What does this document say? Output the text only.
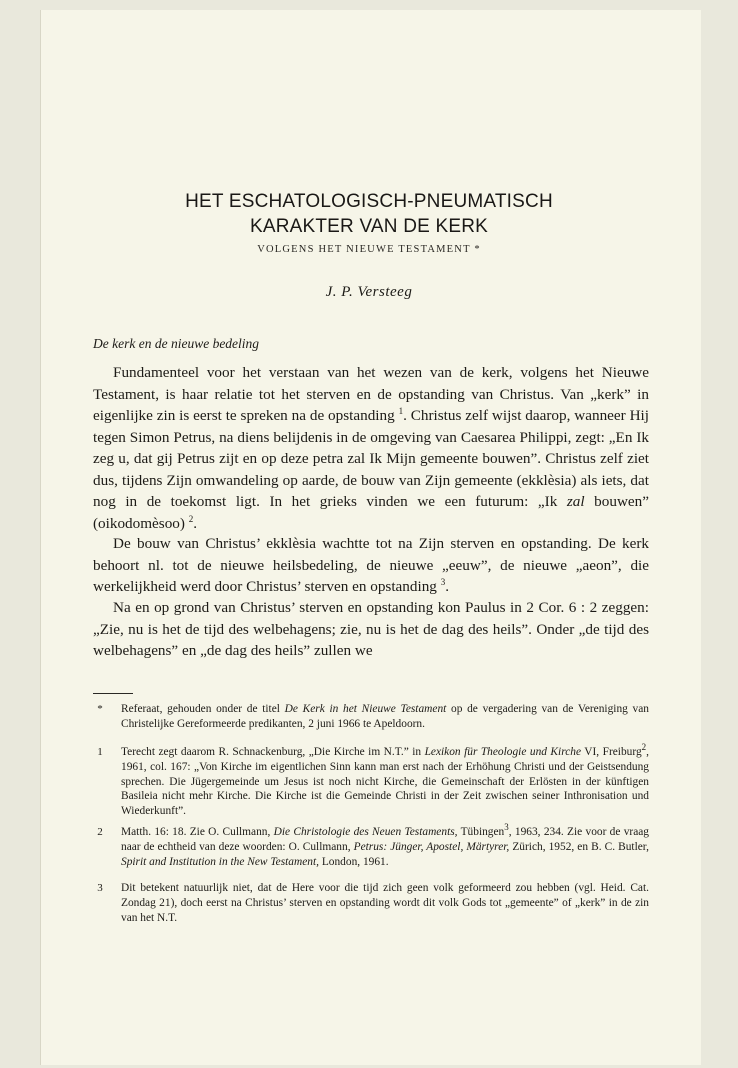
HET ESCHATOLOGISCH-PNEUMATISCH
KARAKTER VAN DE KERK
VOLGENS HET NIEUWE TESTAMENT *
J. P. Versteeg
De kerk en de nieuwe bedeling

Fundamenteel voor het verstaan van het wezen van de kerk, volgens het Nieuwe Testament, is haar relatie tot het sterven en de opstanding van Christus. Van „kerk” in eigenlijke zin is eerst te spreken na de opstanding $^1$. Christus zelf wijst daarop, wanneer Hij tegen Simon Petrus, na diens belijdenis in de omgeving van Caesarea Philippi, zegt: „En Ik zeg u, dat gij Petrus zijt en op deze petra zal Ik Mijn gemeente bouwen”. Christus zelf ziet dus, tijdens Zijn omwandeling op aarde, de bouw van Zijn gemeente (ekklèsia) als iets, dat nog in de toekomst ligt. In het grieks vinden we een futurum: „Ik zal bouwen” (oikodomèsoo) $^2$.

De bouw van Christus’ ekklèsia wachtte tot na Zijn sterven en opstanding. De kerk behoort nl. tot de nieuwe heilsbedeling, de nieuwe „eeuw”, de nieuwe „aeon”, die werkelijkheid werd door Christus’ sterven en opstanding $^3$.

Na en op grond van Christus’ sterven en opstanding kon Paulus in 2 Cor. 6 : 2 zeggen: „Zie, nu is het de tijd des welbehagens; zie, nu is het de dag des heils”. Onder „de tijd des welbehagens” en „de dag des heils” zullen we

*	Referaat, gehouden onder de titel De Kerk in het Nieuwe Testament op de vergadering van de Vereniging van Christelijke Gereformeerde predikanten, 2 juni 1966 te Apeldoorn.
1	Terecht zegt daarom R. Schnackenburg, „Die Kirche im N.T.” in Lexikon für Theologie und Kirche VI, Freiburg$^2$, 1961, col. 167: „Von Kirche im eigentlichen Sinn kann man erst nach der Erhöhung Christi und der Geistsendung sprechen. Die Jügergemeinde um Jesus ist noch nicht Kirche, die Gemeinschaft der Erlösten in der künftigen Basileia nicht mehr Kirche. Die Kirche ist die Gemeinde Christi in der Zeit zwischen seiner Inthronisation und Wiederkunft”.
2	Matth. 16: 18. Zie O. Cullmann, Die Christologie des Neuen Testaments, Tübingen$^3$, 1963, 234. Zie voor de vraag naar de echtheid van deze woorden: O. Cullmann, Petrus: Jünger, Apostel, Märtyrer, Zürich, 1952, en B. C. Butler, Spirit and Institution in the New Testament, London, 1961.
3	Dit betekent natuurlijk niet, dat de Here voor die tijd zich geen volk geformeerd zou hebben (vgl. Heid. Cat. Zondag 21), doch eerst na Christus’ sterven en opstanding wordt dit volk Gods tot „gemeente” of „kerk” in de zin van het N.T.
